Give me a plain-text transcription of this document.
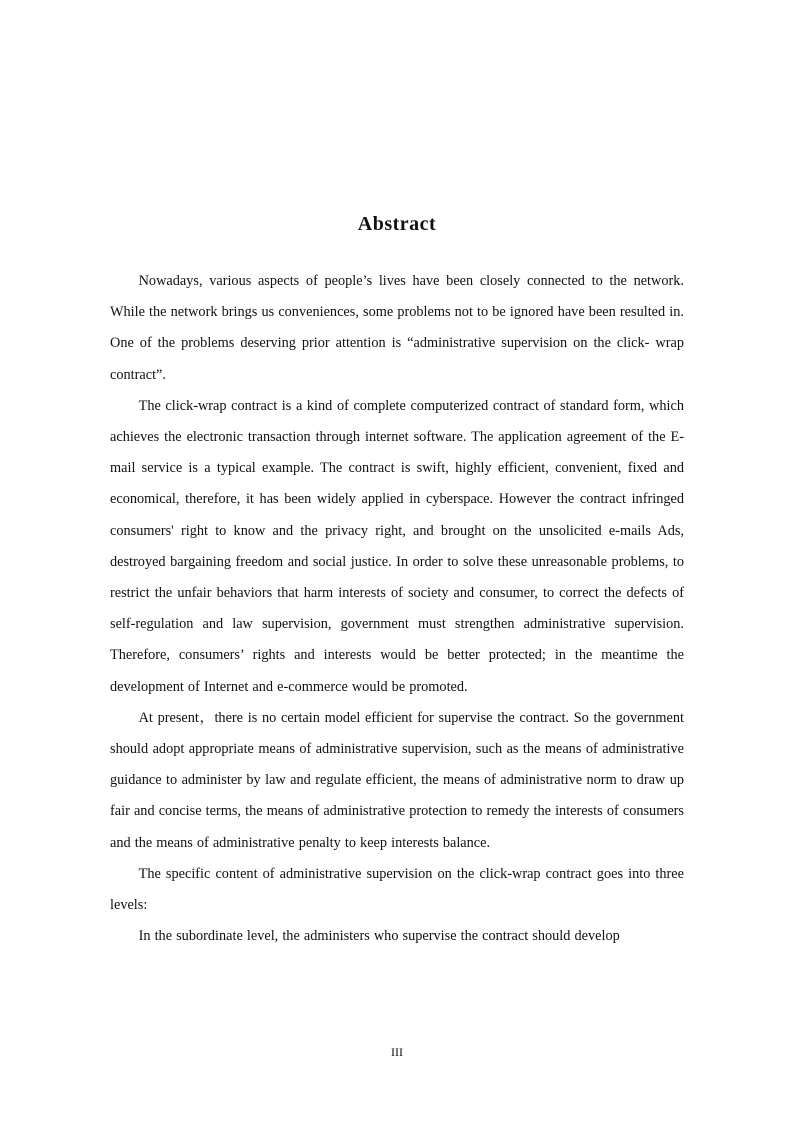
Abstract

Nowadays, various aspects of people’s lives have been closely connected to the network. While the network brings us conveniences, some problems not to be ignored have been resulted in. One of the problems deserving prior attention is “administrative supervision on the click- wrap contract”.

The click-wrap contract is a kind of complete computerized contract of standard form, which achieves the electronic transaction through internet software. The application agreement of the E-mail service is a typical example. The contract is swift, highly efficient, convenient, fixed and economical, therefore, it has been widely applied in cyberspace. However the contract infringed consumers' right to know and the privacy right, and brought on the unsolicited e-mails Ads, destroyed bargaining freedom and social justice. In order to solve these unreasonable problems, to restrict the unfair behaviors that harm interests of society and consumer, to correct the defects of self-regulation and law supervision, government must strengthen administrative supervision. Therefore, consumers’ rights and interests would be better protected; in the meantime the development of Internet and e-commerce would be promoted.

At present，there is no certain model efficient for supervise the contract. So the government should adopt appropriate means of administrative supervision, such as the means of administrative guidance to administer by law and regulate efficient, the means of administrative norm to draw up fair and concise terms, the means of administrative protection to remedy the interests of consumers and the means of administrative penalty to keep interests balance.

The specific content of administrative supervision on the click-wrap contract goes into three levels:

In the subordinate level, the administers who supervise the contract should develop

III
